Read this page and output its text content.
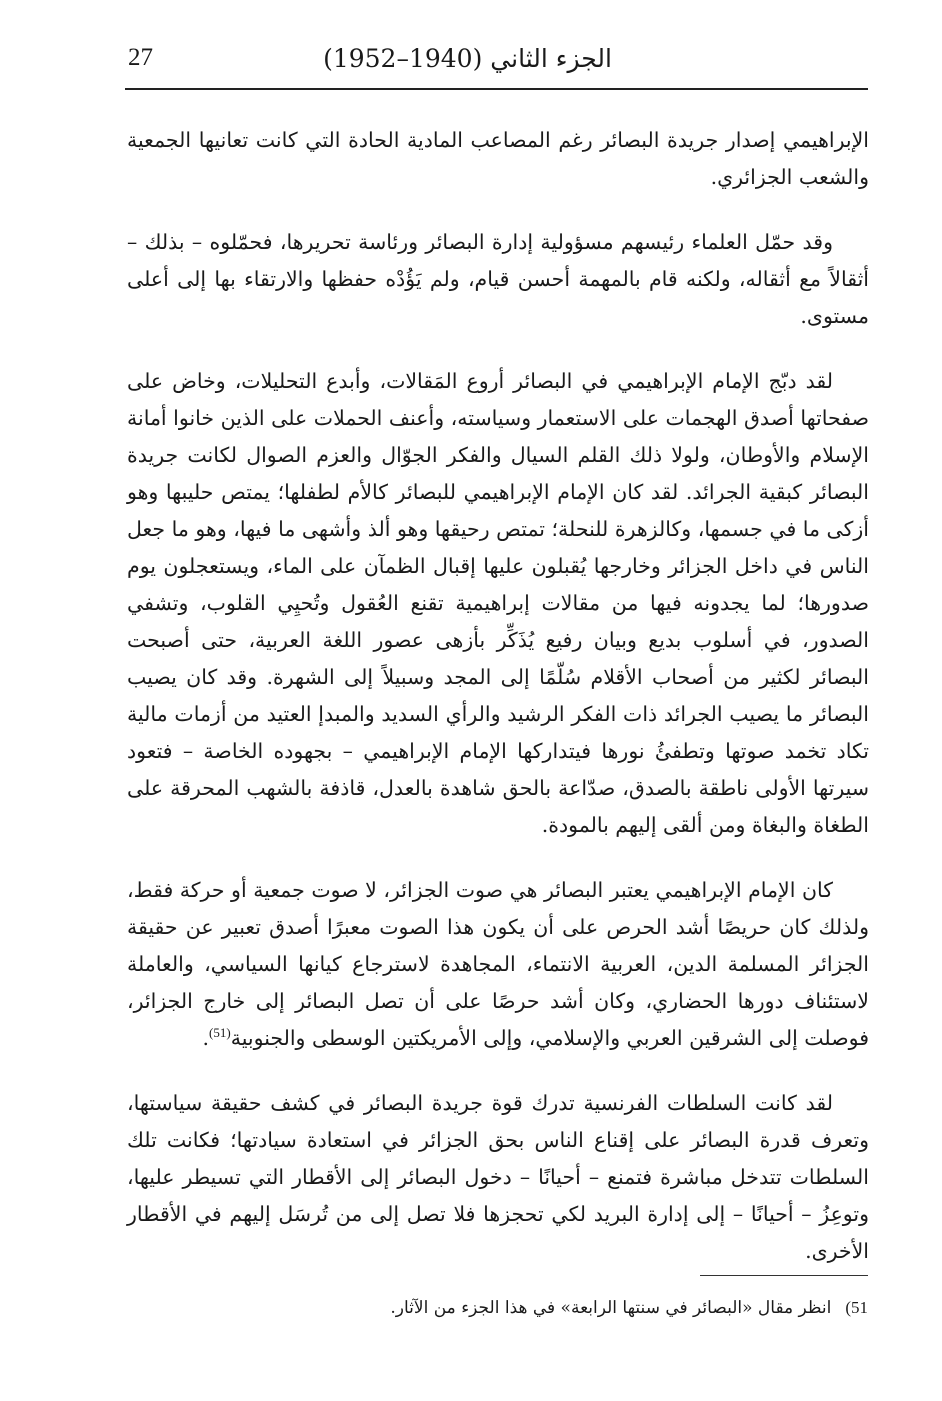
27	الجزء الثاني (1940–1952)

الإبراهيمي إصدار جريدة البصائر رغم المصاعب المادية الحادة التي كانت تعانيها الجمعية والشعب الجزائري.

وقد حمّل العلماء رئيسهم مسؤولية إدارة البصائر ورئاسة تحريرها، فحمّلوه – بذلك – أثقالاً مع أثقاله، ولكنه قام بالمهمة أحسن قيام، ولم يَؤُدْه حفظها والارتقاء بها إلى أعلى مستوى.

لقد دبّج الإمام الإبراهيمي في البصائر أروع المَقالات، وأبدع التحليلات، وخاض على صفحاتها أصدق الهجمات على الاستعمار وسياسته، وأعنف الحملات على الذين خانوا أمانة الإسلام والأوطان، ولولا ذلك القلم السيال والفكر الجوّال والعزم الصوال لكانت جريدة البصائر كبقية الجرائد. لقد كان الإمام الإبراهيمي للبصائر كالأم لطفلها؛ يمتص حليبها وهو أزكى ما في جسمها، وكالزهرة للنحلة؛ تمتص رحيقها وهو ألذ وأشهى ما فيها، وهو ما جعل الناس في داخل الجزائر وخارجها يُقبلون عليها إقبال الظمآن على الماء، ويستعجلون يوم صدورها؛ لما يجدونه فيها من مقالات إبراهيمية تقنع العُقول وتُحيِي القلوب، وتشفي الصدور، في أسلوب بديع وبيان رفيع يُذَكِّر بأزهى عصور اللغة العربية، حتى أصبحت البصائر لكثير من أصحاب الأقلام سُلّمًا إلى المجد وسبيلاً إلى الشهرة. وقد كان يصيب البصائر ما يصيب الجرائد ذات الفكر الرشيد والرأي السديد والمبدإ العتيد من أزمات مالية تكاد تخمد صوتها وتطفئُ نورها فيتداركها الإمام الإبراهيمي – بجهوده الخاصة – فتعود سيرتها الأولى ناطقة بالصدق، صدّاعة بالحق شاهدة بالعدل، قاذفة بالشهب المحرقة على الطغاة والبغاة ومن ألقى إليهم بالمودة.

كان الإمام الإبراهيمي يعتبر البصائر هي صوت الجزائر، لا صوت جمعية أو حركة فقط، ولذلك كان حريصًا أشد الحرص على أن يكون هذا الصوت معبرًا أصدق تعبير عن حقيقة الجزائر المسلمة الدين، العربية الانتماء، المجاهدة لاسترجاع كيانها السياسي، والعاملة لاستئناف دورها الحضاري، وكان أشد حرصًا على أن تصل البصائر إلى خارج الجزائر، فوصلت إلى الشرقين العربي والإسلامي، وإلى الأمريكتين الوسطى والجنوبية$^{(51)}$.

لقد كانت السلطات الفرنسية تدرك قوة جريدة البصائر في كشف حقيقة سياستها، وتعرف قدرة البصائر على إقناع الناس بحق الجزائر في استعادة سيادتها؛ فكانت تلك السلطات تتدخل مباشرة فتمنع – أحيانًا – دخول البصائر إلى الأقطار التي تسيطر عليها، وتوعِزُ – أحيانًا – إلى إدارة البريد لكي تحجزها فلا تصل إلى من تُرسَل إليهم في الأقطار الأخرى.

51)انظر مقال «البصائر في سنتها الرابعة» في هذا الجزء من الآثار.
